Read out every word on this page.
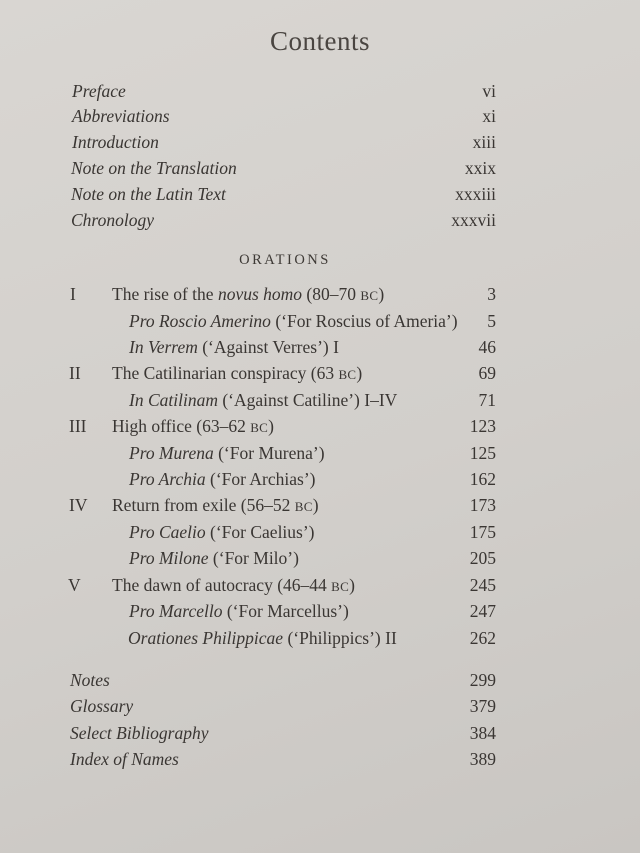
Contents
Preface	vi
Abbreviations	xi
Introduction	xiii
Note on the Translation	xxix
Note on the Latin Text	xxxiii
Chronology	xxxvii
ORATIONS
I The rise of the novus homo (80–70 BC)	3
Pro Roscio Amerino (‘For Roscius of Ameria’) 5
In Verrem (‘Against Verres’) I	46
II The Catilinarian conspiracy (63 BC)	69
In Catilinam (‘Against Catiline’) I–IV	71
III High office (63–62 BC)	123
Pro Murena (‘For Murena’)	125
Pro Archia (‘For Archias’)	162
IV Return from exile (56–52 BC)	173
Pro Caelio (‘For Caelius’)	175
Pro Milone (‘For Milo’)	205
V The dawn of autocracy (46–44 BC)	245
Pro Marcello (‘For Marcellus’)	247
Orationes Philippicae (‘Philippics’) II	262
Notes	299
Glossary	379
Select Bibliography	384
Index of Names	389
